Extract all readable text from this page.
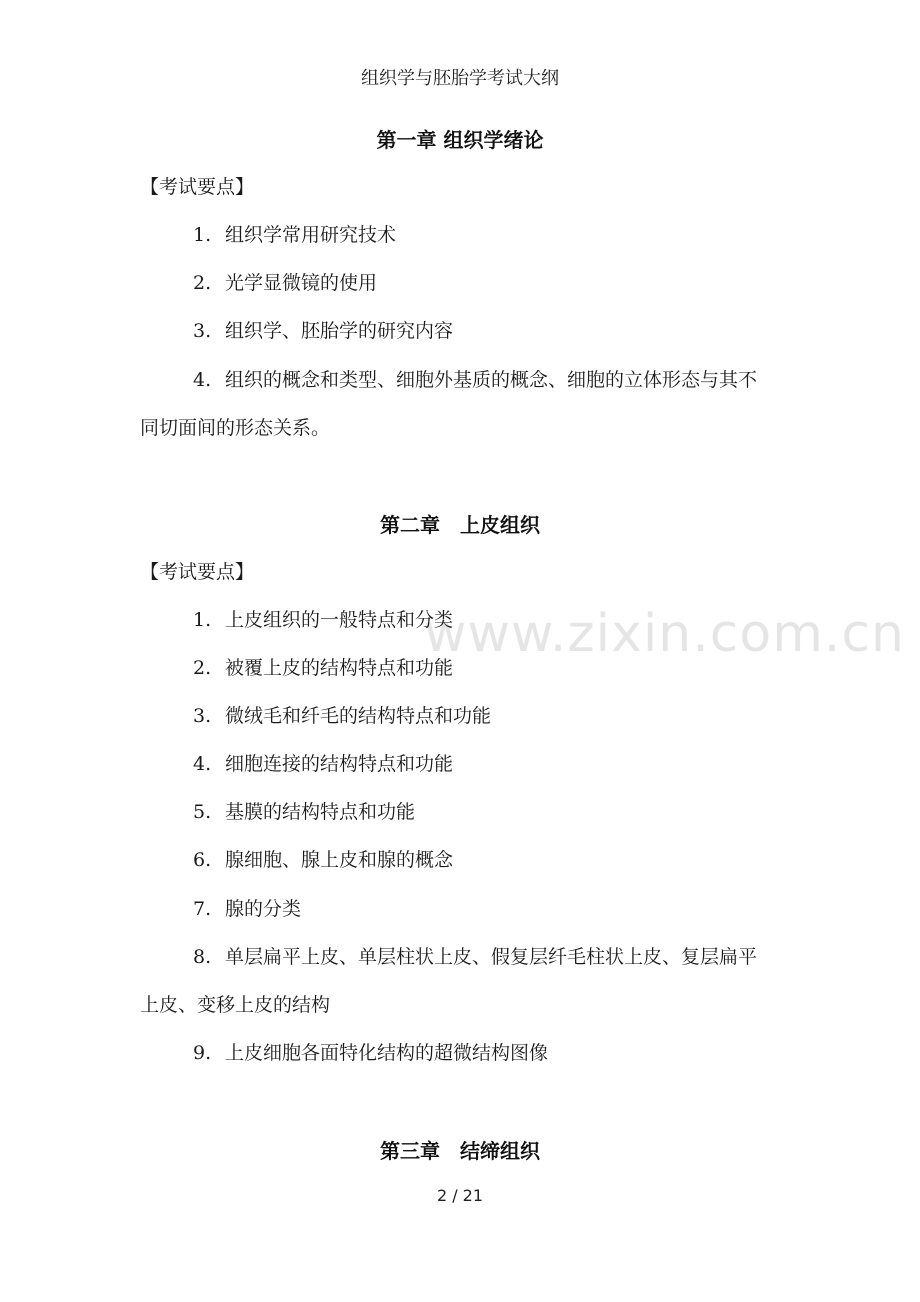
组织学与胚胎学考试大纲
www.zixin.com.cn
第一章 组织学绪论
【考试要点】
1. 组织学常用研究技术
2. 光学显微镜的使用
3. 组织学、胚胎学的研究内容
4. 组织的概念和类型、细胞外基质的概念、细胞的立体形态与其不
同切面间的形态关系。
第二章　上皮组织
【考试要点】
1. 上皮组织的一般特点和分类
2. 被覆上皮的结构特点和功能
3. 微绒毛和纤毛的结构特点和功能
4. 细胞连接的结构特点和功能
5. 基膜的结构特点和功能
6. 腺细胞、腺上皮和腺的概念
7. 腺的分类
8. 单层扁平上皮、单层柱状上皮、假复层纤毛柱状上皮、复层扁平
上皮、变移上皮的结构
9. 上皮细胞各面特化结构的超微结构图像
第三章　结缔组织
2 / 21
